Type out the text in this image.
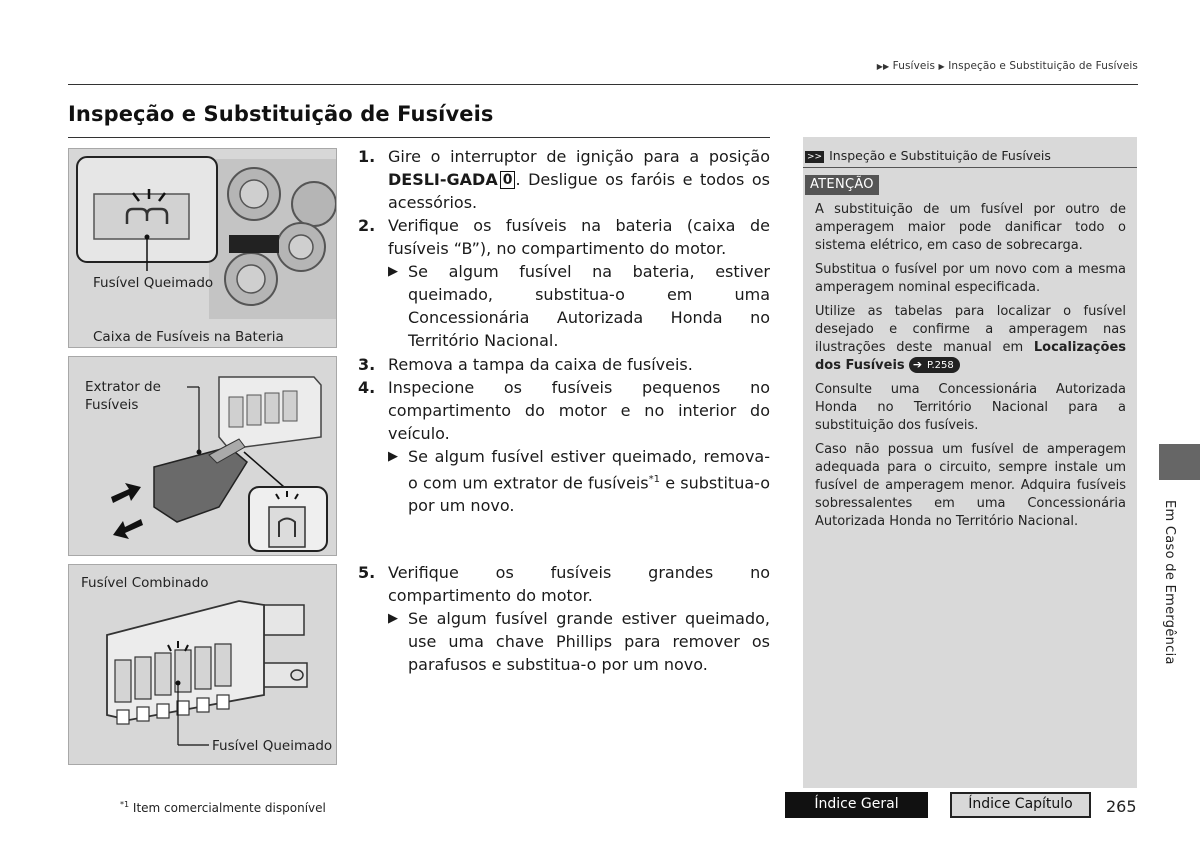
▶▶ Fusíveis ▶ Inspeção e Substituição de Fusíveis
Inspeção e Substituição de Fusíveis
Fusível Queimado
Caixa de Fusíveis na Bateria
Extrator de
Fusíveis
Fusível Combinado
Fusível Queimado
1. Gire o interruptor de ignição para a posição DESLI-GADA 0 . Desligue os faróis e todos os acessórios.
2. Verifique os fusíveis na bateria (caixa de fusíveis “B”), no compartimento do motor.
▶ Se algum fusível na bateria, estiver queimado, substitua-o em uma Concessionária Autorizada Honda no Território Nacional.
3. Remova a tampa da caixa de fusíveis.
4. Inspecione os fusíveis pequenos no compartimento do motor e no interior do veículo.
▶ Se algum fusível estiver queimado, remova-o com um extrator de fusíveis$^{*1}$ e substitua-o por um novo.
5. Verifique os fusíveis grandes no compartimento do motor.
▶ Se algum fusível grande estiver queimado, use uma chave Phillips para remover os parafusos e substitua-o por um novo.
>> Inspeção e Substituição de Fusíveis
ATENÇÃO

A substituição de um fusível por outro de amperagem maior pode danificar todo o sistema elétrico, em caso de sobrecarga.

Substitua o fusível por um novo com a mesma amperagem nominal especificada.

Utilize as tabelas para localizar o fusível desejado e confirme a amperagem nas ilustrações deste manual em Localizações dos Fusíveis ➔ P.258

Consulte uma Concessionária Autorizada Honda no Território Nacional para a substituição dos fusíveis.

Caso não possua um fusível de amperagem adequada para o circuito, sempre instale um fusível de amperagem menor. Adquira fusíveis sobressalentes em uma Concessionária Autorizada Honda no Território Nacional.	Em Caso de Emergência
$^{*1}$ Item comercialmente disponível	Índice Geral	Índice Capítulo	265
